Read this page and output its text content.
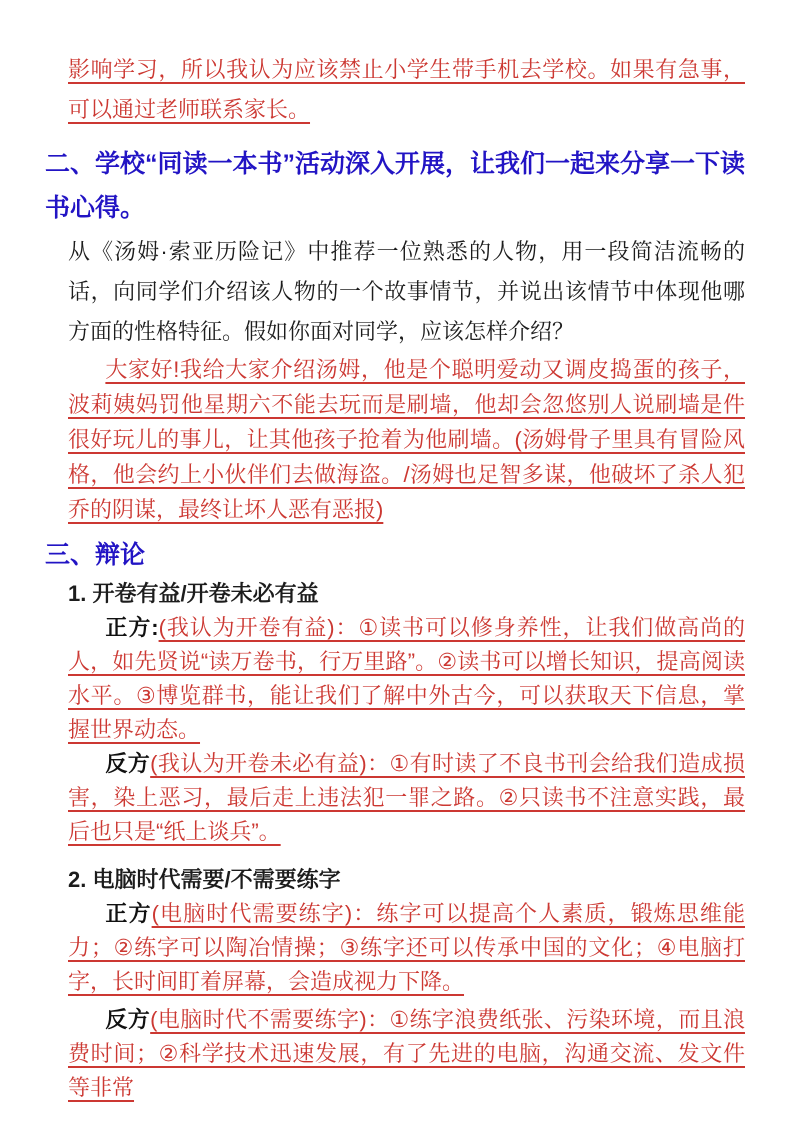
影响学习，所以我认为应该禁止小学生带手机去学校。如果有急事，可以通过老师联系家长。

二、学校“同读一本书”活动深入开展，让我们一起来分享一下读书心得。

从《汤姆·索亚历险记》中推荐一位熟悉的人物，用一段简洁流畅的话，向同学们介绍该人物的一个故事情节，并说出该情节中体现他哪方面的性格特征。假如你面对同学，应该怎样介绍？

大家好!我给大家介绍汤姆，他是个聪明爱动又调皮捣蛋的孩子，波莉姨妈罚他星期六不能去玩而是刷墙，他却会忽悠别人说刷墙是件很好玩儿的事儿，让其他孩子抢着为他刷墙。(汤姆骨子里具有冒险风格，他会约上小伙伴们去做海盗。/汤姆也足智多谋，他破坏了杀人犯乔的阴谋，最终让坏人恶有恶报)

三、辩论

1. 开卷有益/开卷未必有益

正方:(我认为开卷有益)：①读书可以修身养性，让我们做高尚的人，如先贤说“读万卷书，行万里路”。②读书可以增长知识，提高阅读水平。③博览群书，能让我们了解中外古今，可以获取天下信息，掌握世界动态。

反方(我认为开卷未必有益)：①有时读了不良书刊会给我们造成损害，染上恶习，最后走上违法犯一罪之路。②只读书不注意实践，最后也只是“纸上谈兵”。

2. 电脑时代需要/不需要练字

正方(电脑时代需要练字)：练字可以提高个人素质，锻炼思维能力；②练字可以陶冶情操；③练字还可以传承中国的文化；④电脑打字，长时间盯着屏幕，会造成视力下降。

反方(电脑时代不需要练字)：①练字浪费纸张、污染环境，而且浪费时间；②科学技术迅速发展，有了先进的电脑，沟通交流、发文件等非常
